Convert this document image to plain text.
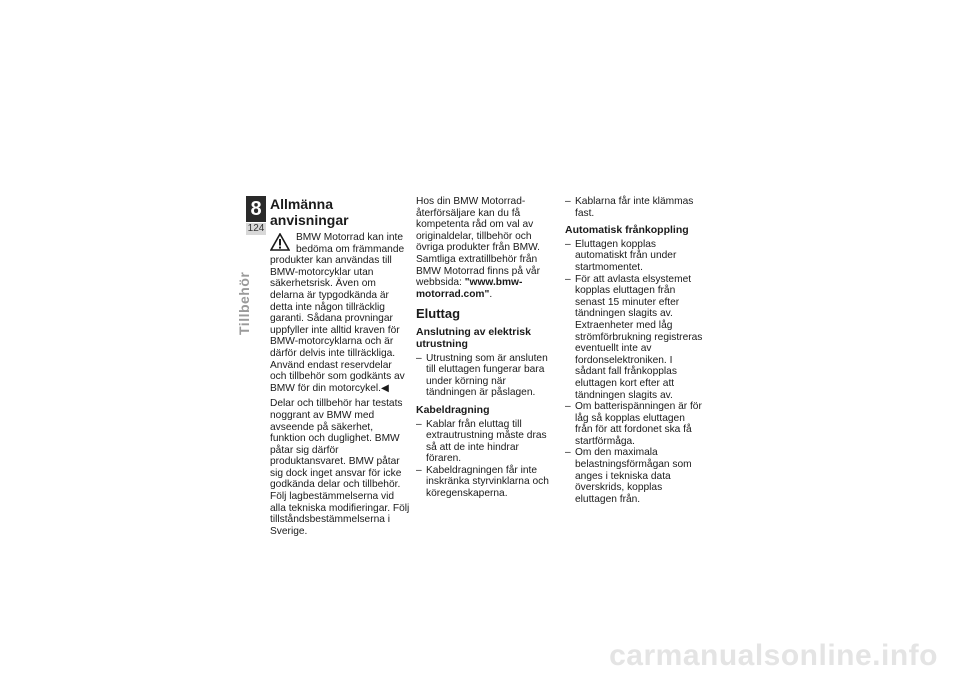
8
124
Tillbehör
Allmänna anvisningar

BMW Motorrad kan inte bedöma om främmande produkter kan användas till BMW-motorcyklar utan säkerhetsrisk. Även om delarna är typgodkända är detta inte någon tillräcklig garanti. Sådana provningar uppfyller inte alltid kraven för BMW-motorcyklarna och är därför delvis inte tillräckliga.

Använd endast reservdelar och tillbehör som godkänts av BMW för din motorcykel.◀

Delar och tillbehör har testats noggrant av BMW med avseende på säkerhet, funktion och duglighet. BMW påtar sig därför produktansvaret. BMW påtar sig dock inget ansvar för icke godkända delar och tillbehör.

Följ lagbestämmelserna vid alla tekniska modifieringar. Följ tillståndsbestämmelserna i Sverige.

Hos din BMW Motorrad-återförsäljare kan du få kompetenta råd om val av originaldelar, tillbehör och övriga produkter från BMW. Samtliga extratillbehör från BMW Motorrad finns på vår webbsida: "www.bmw-motorrad.com".

Eluttag
Anslutning av elektrisk utrustning

– Utrustning som är ansluten till eluttagen fungerar bara under körning när tändningen är påslagen.

Kabeldragning

– Kablar från eluttag till extrautrustning måste dras så att de inte hindrar föraren.

– Kabeldragningen får inte inskränka styrvinklarna och köregenskaperna.

– Kablarna får inte klämmas fast.

Automatisk frånkoppling

– Eluttagen kopplas automatiskt från under startmomentet.

– För att avlasta elsystemet kopplas eluttagen från senast 15 minuter efter tändningen slagits av. Extraenheter med låg strömförbrukning registreras eventuellt inte av fordonselektroniken. I sådant fall frånkopplas eluttagen kort efter att tändningen slagits av.

– Om batterispänningen är för låg så kopplas eluttagen från för att fordonet ska få startförmåga.

– Om den maximala belastningsförmågan som anges i tekniska data överskrids, kopplas eluttagen från.

carmanualsonline.info
